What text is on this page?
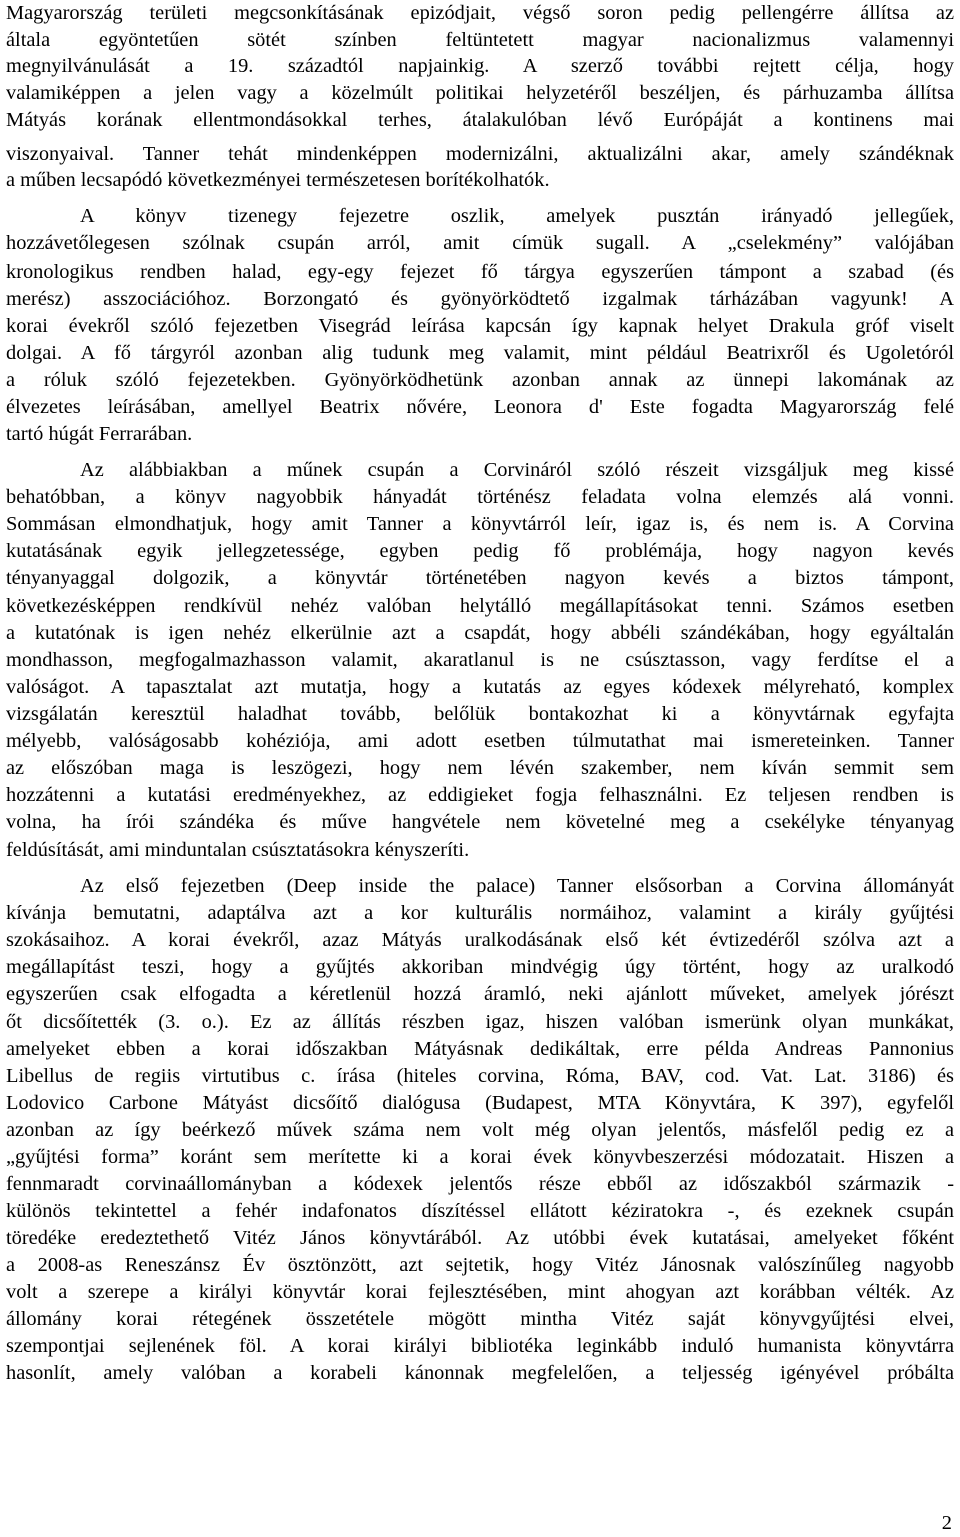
Magyarország területi megcsonkításának epizódjait, végső soron pedig pellengérre állítsa az
általa egyöntetűen sötét színben feltüntetett magyar nacionalizmus valamennyi
megnyilvánulását a 19. századtól napjainkig. A szerző további rejtett célja, hogy
valamiképpen a jelen vagy a közelmúlt politikai helyzetéről beszéljen, és párhuzamba állítsa
Mátyás korának ellentmondásokkal terhes, átalakulóban lévő Európáját a kontinens mai
viszonyaival. Tanner tehát mindenképpen modernizálni, aktualizálni akar, amely szándéknak
a műben lecsapódó következményei természetesen borítékolhatók.
A könyv tizenegy fejezetre oszlik, amelyek pusztán irányadó jellegűek,
hozzávetőlegesen szólnak csupán arról, amit címük sugall. A „cselekmény” valójában
kronologikus rendben halad, egy-egy fejezet fő tárgya egyszerűen támpont a szabad (és
merész) asszociációhoz. Borzongató és gyönyörködtető izgalmak tárházában vagyunk! A
korai évekről szóló fejezetben Visegrád leírása kapcsán így kapnak helyet Drakula gróf viselt
dolgai. A fő tárgyról azonban alig tudunk meg valamit, mint például Beatrixről és Ugoletóról
a róluk szóló fejezetekben. Gyönyörködhetünk azonban annak az ünnepi lakomának az
élvezetes leírásában, amellyel Beatrix nővére, Leonora d' Este fogadta Magyarország felé
tartó húgát Ferrarában.
Az alábbiakban a műnek csupán a Corvináról szóló részeit vizsgáljuk meg kissé
behatóbban, a könyv nagyobbik hányadát történész feladata volna elemzés alá vonni.
Sommásan elmondhatjuk, hogy amit Tanner a könyvtárról leír, igaz is, és nem is. A Corvina
kutatásának egyik jellegzetessége, egyben pedig fő problémája, hogy nagyon kevés
tényanyaggal dolgozik, a könyvtár történetében nagyon kevés a biztos támpont,
következésképpen rendkívül nehéz valóban helytálló megállapításokat tenni. Számos esetben
a kutatónak is igen nehéz elkerülnie azt a csapdát, hogy abbéli szándékában, hogy egyáltalán
mondhasson, megfogalmazhasson valamit, akaratlanul is ne csúsztasson, vagy ferdítse el a
valóságot. A tapasztalat azt mutatja, hogy a kutatás az egyes kódexek mélyreható, komplex
vizsgálatán keresztül haladhat tovább, belőlük bontakozhat ki a könyvtárnak egyfajta
mélyebb, valóságosabb kohéziója, ami adott esetben túlmutathat mai ismereteinken. Tanner
az előszóban maga is leszögezi, hogy nem lévén szakember, nem kíván semmit sem
hozzátenni a kutatási eredményekhez, az eddigieket fogja felhasználni. Ez teljesen rendben is
volna, ha írói szándéka és műve hangvétele nem követelné meg a csekélyke tényanyag
feldúsítását, ami minduntalan csúsztatásokra kényszeríti.
Az első fejezetben (Deep inside the palace) Tanner elsősorban a Corvina állományát
kívánja bemutatni, adaptálva azt a kor kulturális normáihoz, valamint a király gyűjtési
szokásaihoz. A korai évekről, azaz Mátyás uralkodásának első két évtizedéről szólva azt a
megállapítást teszi, hogy a gyűjtés akkoriban mindvégig úgy történt, hogy az uralkodó
egyszerűen csak elfogadta a kéretlenül hozzá áramló, neki ajánlott műveket, amelyek jórészt
őt dicsőítették (3. o.). Ez az állítás részben igaz, hiszen valóban ismerünk olyan munkákat,
amelyeket ebben a korai időszakban Mátyásnak dedikáltak, erre példa Andreas Pannonius
Libellus de regiis virtutibus c. írása (hiteles corvina, Róma, BAV, cod. Vat. Lat. 3186) és
Lodovico Carbone Mátyást dicsőítő dialógusa (Budapest, MTA Könyvtára, K 397), egyfelől
azonban az így beérkező művek száma nem volt még olyan jelentős, másfelől pedig ez a
„gyűjtési forma” koránt sem merítette ki a korai évek könyvbeszerzési módozatait. Hiszen a
fennmaradt corvinaállományban a kódexek jelentős része ebből az időszakból származik -
különös tekintettel a fehér indafonatos díszítéssel ellátott kéziratokra -, és ezeknek csupán
töredéke eredeztethető Vitéz János könyvtárából. Az utóbbi évek kutatásai, amelyeket főként
a 2008-as Reneszánsz Év ösztönzött, azt sejtetik, hogy Vitéz Jánosnak valószínűleg nagyobb
volt a szerepe a királyi könyvtár korai fejlesztésében, mint ahogyan azt korábban vélték. Az
állomány korai rétegének összetétele mögött mintha Vitéz saját könyvgyűjtési elvei,
szempontjai sejlenének föl. A korai királyi bibliotéka leginkább induló humanista könyvtárra
hasonlít, amely valóban a korabeli kánonnak megfelelően, a teljesség igényével próbálta
2
